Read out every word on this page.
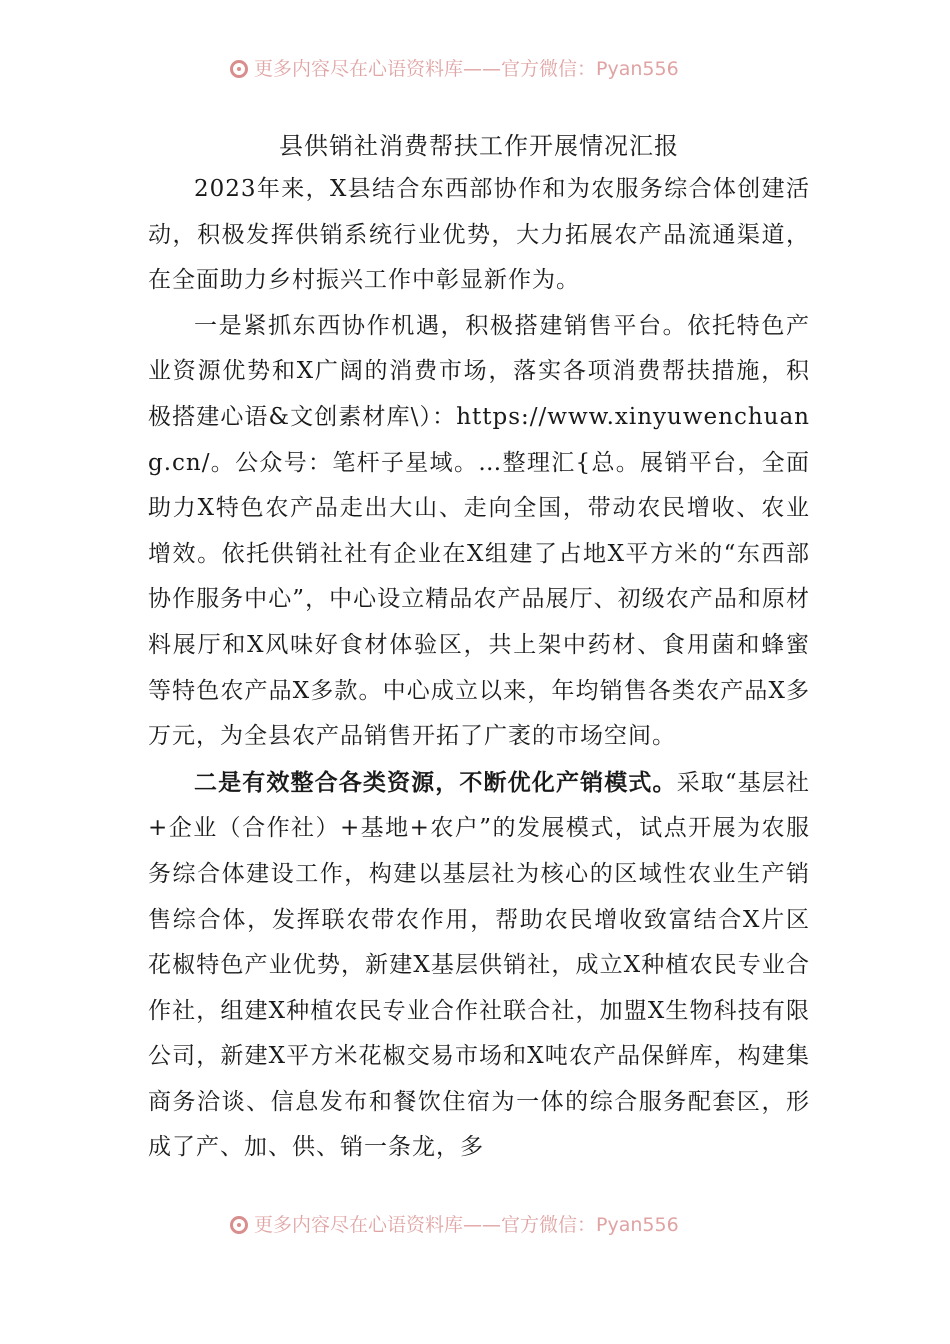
更多内容尽在心语资料库——官方微信：Pyan556
县供销社消费帮扶工作开展情况汇报

2023年来，X县结合东西部协作和为农服务综合体创建活动，积极发挥供销系统行业优势，大力拓展农产品流通渠道，在全面助力乡村振兴工作中彰显新作为。

一是紧抓东西协作机遇，积极搭建销售平台。依托特色产业资源优势和X广阔的消费市场，落实各项消费帮扶措施，积极搭建心语&文创素材库\）：https://www.xinyuwenchuang.cn/。公众号：笔杆子星域。…整理汇{总。展销平台，全面助力X特色农产品走出大山、走向全国，带动农民增收、农业增效。依托供销社社有企业在X组建了占地X平方米的“东西部协作服务中心”，中心设立精品农产品展厅、初级农产品和原材料展厅和X风味好食材体验区，共上架中药材、食用菌和蜂蜜等特色农产品X多款。中心成立以来，年均销售各类农产品X多万元，为全县农产品销售开拓了广袤的市场空间。

二是有效整合各类资源，不断优化产销模式。采取“基层社+企业（合作社）+基地+农户”的发展模式，试点开展为农服务综合体建设工作，构建以基层社为核心的区域性农业生产销售综合体，发挥联农带农作用，帮助农民增收致富结合X片区花椒特色产业优势，新建X基层供销社，成立X种植农民专业合作社，组建X种植农民专业合作社联合社，加盟X生物科技有限公司，新建X平方米花椒交易市场和X吨农产品保鲜库，构建集商务洽谈、信息发布和餐饮住宿为一体的综合服务配套区，形成了产、加、供、销一条龙，多

更多内容尽在心语资料库——官方微信：Pyan556
